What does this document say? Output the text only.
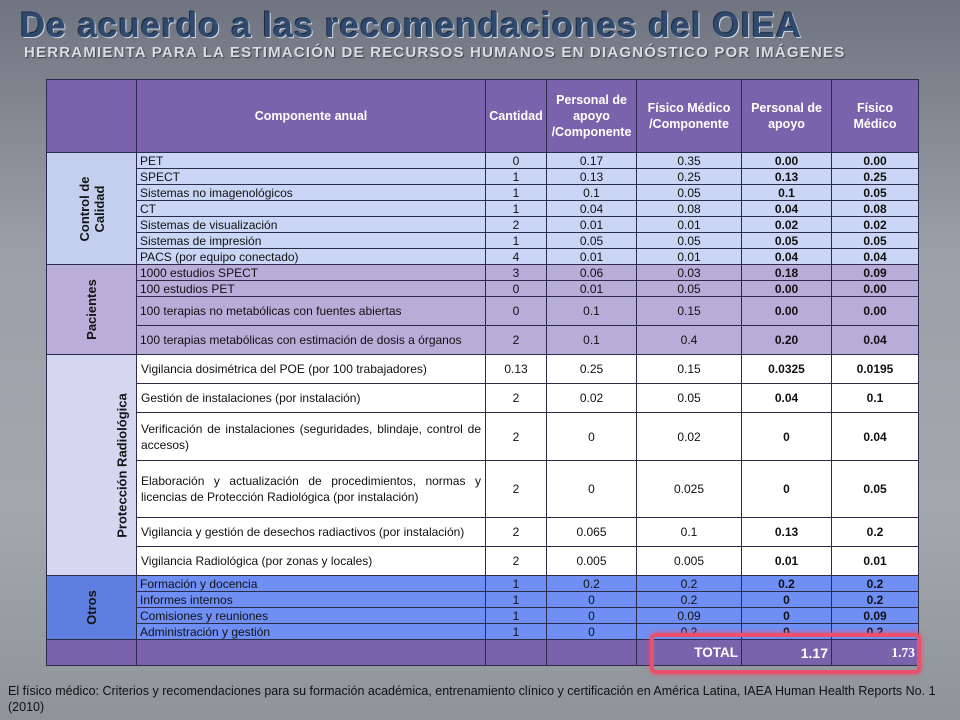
De acuerdo a las recomendaciones del OIEA
HERRAMIENTA PARA LA ESTIMACIÓN DE RECURSOS HUMANOS EN DIAGNÓSTICO POR IMÁGENES
	Componente anual	Cantidad	Personal de apoyo /Componente	Físico Médico /Componente	Personal de apoyo	Físico Médico
Control de Calidad	PET	0	0.17	0.35	0.00	0.00
	SPECT	1	0.13	0.25	0.13	0.25
	Sistemas no imagenológicos	1	0.1	0.05	0.1	0.05
	CT	1	0.04	0.08	0.04	0.08
	Sistemas de visualización	2	0.01	0.01	0.02	0.02
	Sistemas de impresión	1	0.05	0.05	0.05	0.05
	PACS (por equipo conectado)	4	0.01	0.01	0.04	0.04
Pacientes	1000 estudios SPECT	3	0.06	0.03	0.18	0.09
	100 estudios PET	0	0.01	0.05	0.00	0.00
	100 terapias no metabólicas con fuentes abiertas	0	0.1	0.15	0.00	0.00
	100 terapias metabólicas con estimación de dosis a órganos	2	0.1	0.4	0.20	0.04
Protección Radiológica	Vigilancia dosimétrica del POE (por 100 trabajadores)	0.13	0.25	0.15	0.0325	0.0195
	Gestión de instalaciones (por instalación)	2	0.02	0.05	0.04	0.1
	Verificación de instalaciones (seguridades, blindaje, control de accesos)	2	0	0.02	0	0.04
	Elaboración y actualización de procedimientos, normas y licencias de Protección Radiológica (por instalación)	2	0	0.025	0	0.05
	Vigilancia y gestión de desechos radiactivos (por instalación)	2	0.065	0.1	0.13	0.2
	Vigilancia Radiológica (por zonas y locales)	2	0.005	0.005	0.01	0.01
Otros	Formación y docencia	1	0.2	0.2	0.2	0.2
	Informes internos	1	0	0.2	0	0.2
	Comisiones y reuniones	1	0	0.09	0	0.09
	Administración y gestión	1	0	0.2	0	0.2
				TOTAL	1.17	1.73
El físico médico: Criterios y recomendaciones para su formación académica, entrenamiento clínico y certificación en América Latina, IAEA Human Health Reports No. 1 (2010)
